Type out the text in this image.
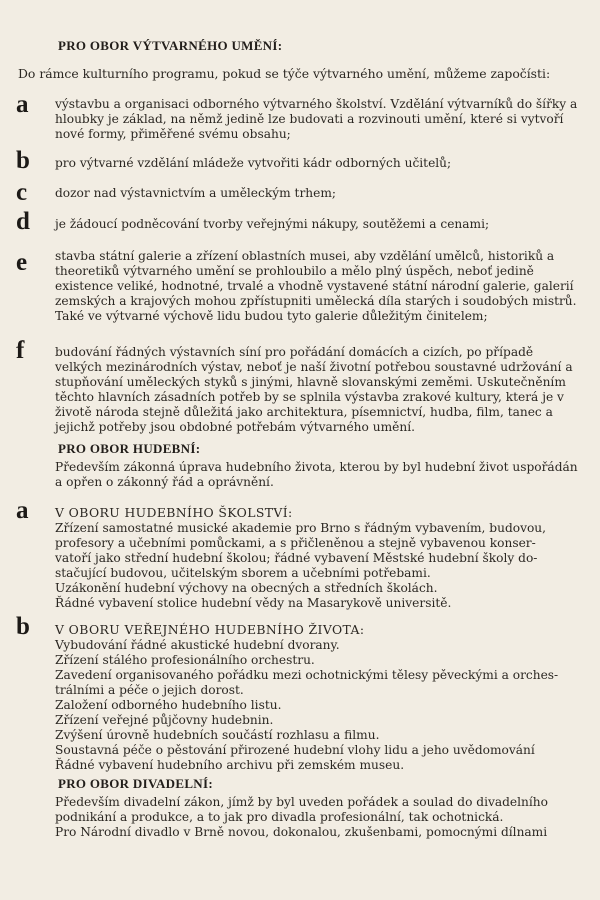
PRO OBOR VÝTVARNÉHO UMĚNÍ:
Do rámce kulturního programu, pokud se týče výtvarného umění, můžeme započísti:
a výstavbu a organisaci odborného výtvarného školství. Vzdělání výtvarníků do šířky a hloubky je základ, na němž jedině lze budovati a rozvinouti umění, které si vytvoří nové formy, přiměřené svému obsahu;
b pro výtvarné vzdělání mládeže vytvořiti kádr odborných učitelů;
c dozor nad výstavnictvím a uměleckým trhem;
d je žádoucí podněcování tvorby veřejnými nákupy, soutěžemi a cenami;
e stavba státní galerie a zřízení oblastních musei, aby vzdělání umělců, historiků a theoretiků výtvarného umění se prohloubilo a mělo plný úspěch, neboť jedině existence veliké, hodnotné, trvalé a vhodně vystavené státní národní galerie, galerií zemských a krajových mohou zpřístupniti umělecká díla starých i soudobých mistrů. Také ve výtvarné výchově lidu budou tyto galerie důležitým činitelem;
f	budování řádných výstavních síní pro pořádání domácích a cizích, po případě velkých mezinárodních výstav, neboť je naší životní potřebou soustavné udržování a stupňování uměleckých styků s jinými, hlavně slovanskými zeměmi. Uskutečněním těchto hlavních zásadních potřeb by se splnila výstavba zrakové kultury, která je v životě národa stejně důležitá jako architektura, písemnictví, hudba, film, tanec a jejichž potřeby jsou obdobné potřebám výtvarného umění.
PRO OBOR HUDEBNÍ:
Především zákonná úprava hudebního života, kterou by byl hudební život uspořádán a opřen o zákonný řád a oprávnění.
a V OBORU HUDEBNÍHO ŠKOLSTVÍ:
Zřízení samostatné musické akademie pro Brno s řádným vybavením, budovou,
profesory a učebními pomůckami, a s přičleněnou a stejně vybavenou konser-
vatoří jako střední hudební školou; řádné vybavení Městské hudební školy do-
stačující budovou, učitelským sborem a učebními potřebami.
Uzákonění hudební výchovy na obecných a středních školách.
Řádné vybavení stolice hudební vědy na Masarykově universitě.
b V OBORU VEŘEJNÉHO HUDEBNÍHO ŽIVOTA:
Vybudování řádné akustické hudební dvorany.
Zřízení stálého profesionálního orchestru.
Zavedení organisovaného pořádku mezi ochotnickými tělesy pěveckými a orches-
trálními a péče o jejich dorost.
Založení odborného hudebního listu.
Zřízení veřejné půjčovny hudebnin.
Zvýšení úrovně hudebních součástí rozhlasu a filmu.
Soustavná péče o pěstování přirozené hudební vlohy lidu a jeho uvědomování
Řádné vybavení hudebního archivu při zemském museu.
PRO OBOR DIVADELNÍ:
Především divadelní zákon, jímž by byl uveden pořádek a soulad do divadelního
podnikání a produkce, a to jak pro divadla profesionální, tak ochotnická.
Pro Národní divadlo v Brně novou, dokonalou, zkušenbami, pomocnými dílnami
